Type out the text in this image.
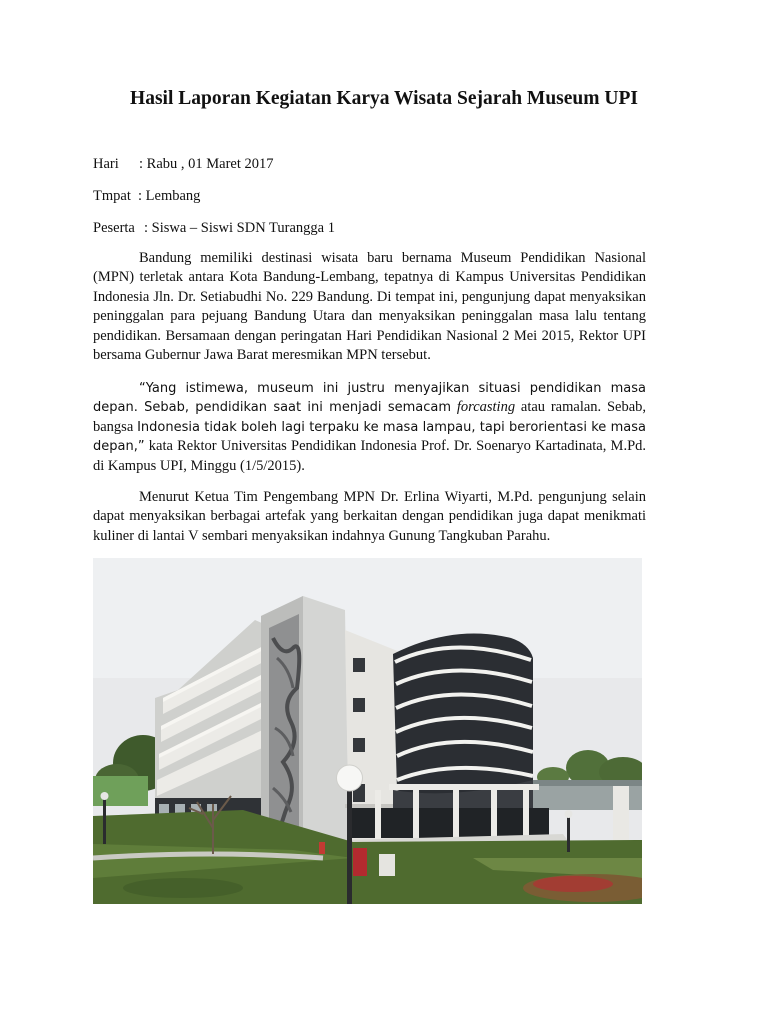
Hasil Laporan Kegiatan Karya Wisata Sejarah Museum UPI
Hari : Rabu , 01 Maret 2017
Tmpat : Lembang
Peserta : Siswa – Siswi SDN Turangga 1

Bandung memiliki destinasi wisata baru bernama Museum Pendidikan Nasional (MPN) terletak antara Kota Bandung-Lembang, tepatnya di Kampus Universitas Pendidikan Indonesia Jln. Dr. Setiabudhi No. 229 Bandung. Di tempat ini, pengunjung dapat menyaksikan peninggalan para pejuang Bandung Utara dan menyaksikan peninggalan masa lalu tentang pendidikan. Bersamaan dengan peringatan Hari Pendidikan Nasional 2 Mei 2015, Rektor UPI bersama Gubernur Jawa Barat meresmikan MPN tersebut.

“Yang istimewa, museum ini justru menyajikan situasi pendidikan masa depan. Sebab, pendidikan saat ini menjadi semacam forcasting atau ramalan. Sebab, bangsa Indonesia tidak boleh lagi terpaku ke masa lampau, tapi berorientasi ke masa depan,” kata Rektor Universitas Pendidikan Indonesia Prof. Dr. Soenaryo Kartadinata, M.Pd. di Kampus UPI, Minggu (1/5/2015).

Menurut Ketua Tim Pengembang MPN Dr. Erlina Wiyarti, M.Pd. pengunjung selain dapat menyaksikan berbagai artefak yang berkaitan dengan pendidikan juga dapat menikmati kuliner di lantai V sembari menyaksikan indahnya Gunung Tangkuban Parahu.
